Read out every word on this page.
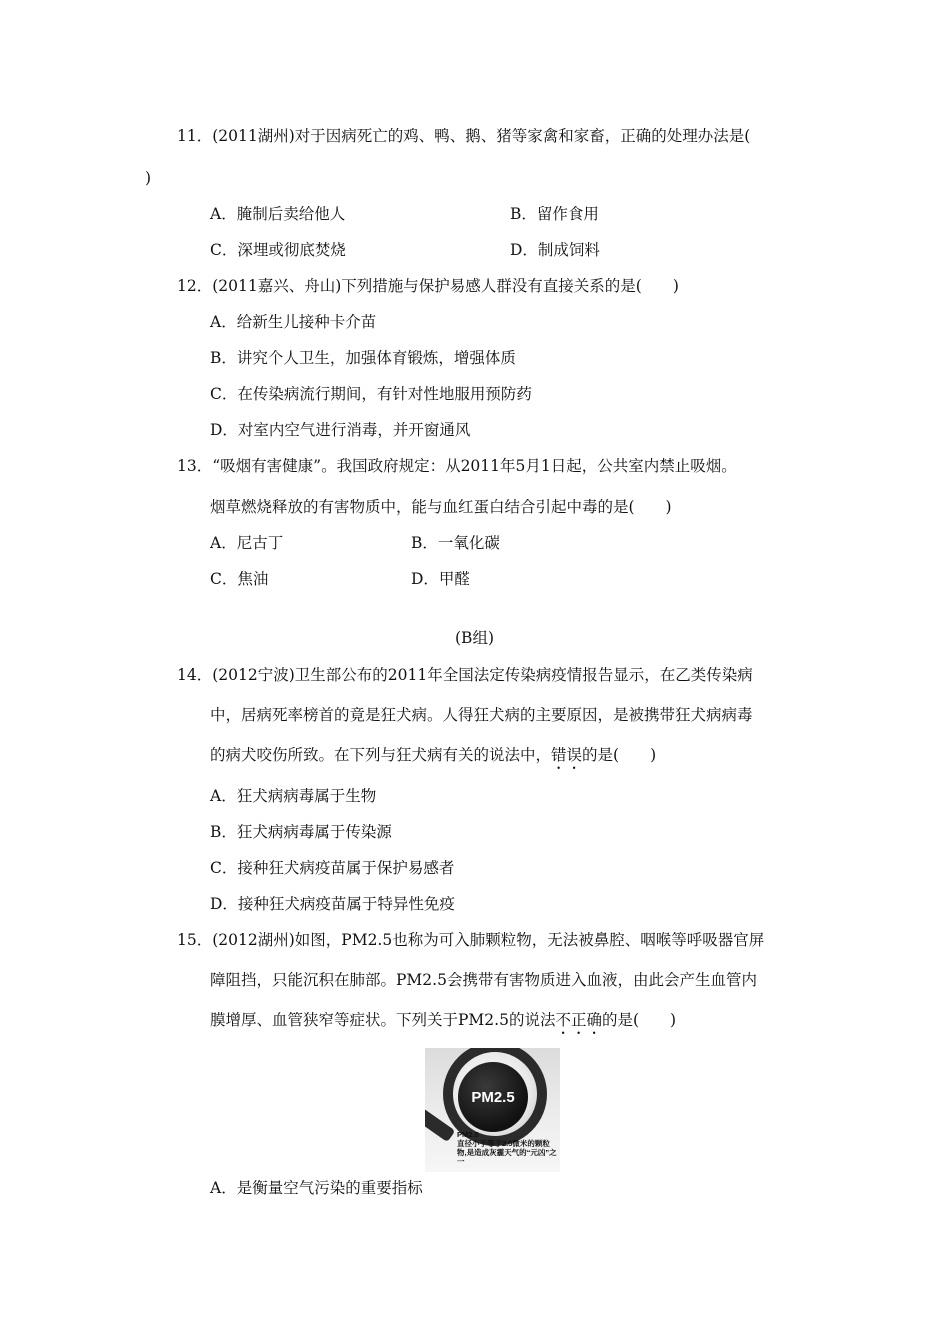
11．(2011湖州)对于因病死亡的鸡、鸭、鹅、猪等家禽和家畜，正确的处理办法是(
)
A．腌制后卖给他人	B．留作食用
C．深埋或彻底焚烧	D．制成饲料
12．(2011嘉兴、舟山)下列措施与保护易感人群没有直接关系的是(　　)
A．给新生儿接种卡介苗
B．讲究个人卫生，加强体育锻炼，增强体质
C．在传染病流行期间，有针对性地服用预防药
D．对室内空气进行消毒，并开窗通风
13．“吸烟有害健康”。我国政府规定：从2011年5月1日起，公共室内禁止吸烟。
烟草燃烧释放的有害物质中，能与血红蛋白结合引起中毒的是(　　)
A．尼古丁	B．一氧化碳
C．焦油	D．甲醛
(B组)
14．(2012宁波)卫生部公布的2011年全国法定传染病疫情报告显示，在乙类传染病
中，居病死率榜首的竟是狂犬病。人得狂犬病的主要原因，是被携带狂犬病病毒
的病犬咬伤所致。在下列与狂犬病有关的说法中，错误的是(　　)
A．狂犬病病毒属于生物
B．狂犬病病毒属于传染源
C．接种狂犬病疫苗属于保护易感者
D．接种狂犬病疫苗属于特异性免疫
15．(2012湖州)如图，PM2.5也称为可入肺颗粒物，无法被鼻腔、咽喉等呼吸器官屏
障阻挡，只能沉积在肺部。PM2.5会携带有害物质进入血液，由此会产生血管内
膜增厚、血管狭窄等症状。下列关于PM2.5的说法不正确的是(　　)
PM2.5
PM2.5
直径小于等于2.5微米的颗粒物,是造成灰霾天气的“元凶”之一
A．是衡量空气污染的重要指标
